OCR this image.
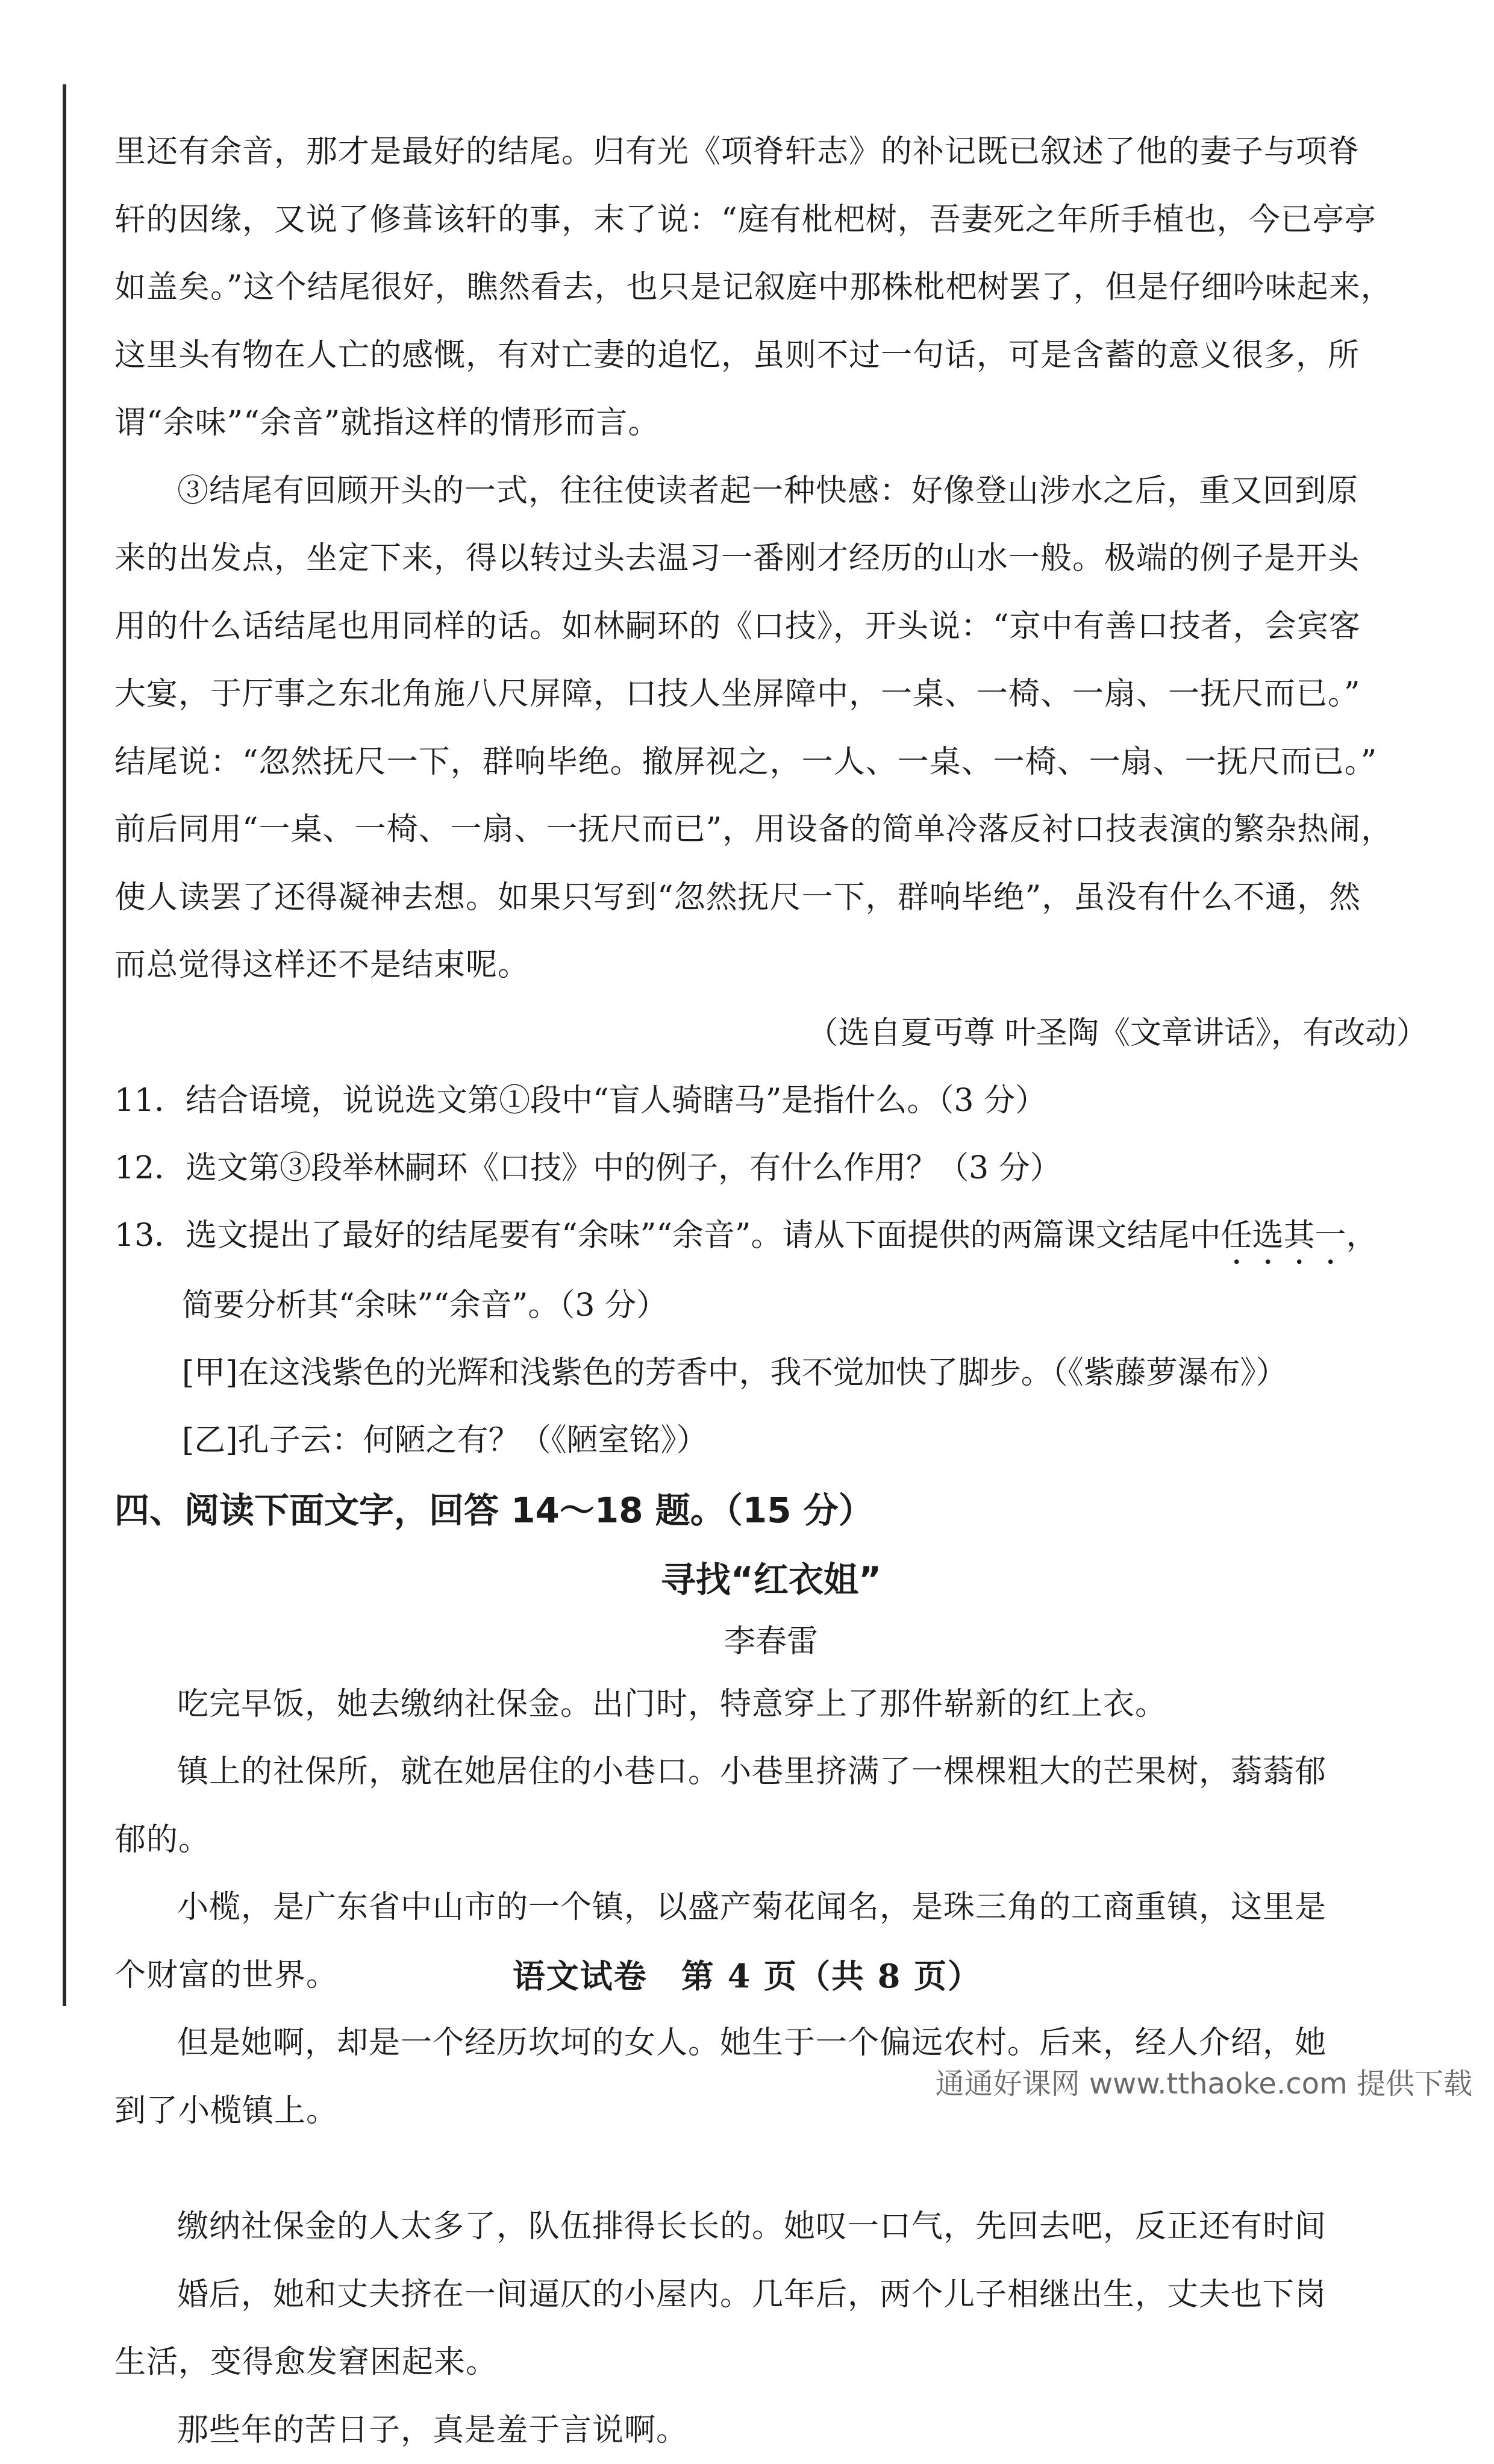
里还有余音，那才是最好的结尾。归有光《项脊轩志》的补记既已叙述了他的妻子与项脊

轩的因缘，又说了修葺该轩的事，末了说：“庭有枇杷树，吾妻死之年所手植也，今已亭亭

如盖矣。”这个结尾很好，瞧然看去，也只是记叙庭中那株枇杷树罢了，但是仔细吟味起来，

这里头有物在人亡的感慨，有对亡妻的追忆，虽则不过一句话，可是含蓄的意义很多，所

谓“余味”“余音”就指这样的情形而言。

③结尾有回顾开头的一式，往往使读者起一种快感：好像登山涉水之后，重又回到原

来的出发点，坐定下来，得以转过头去温习一番刚才经历的山水一般。极端的例子是开头

用的什么话结尾也用同样的话。如林嗣环的《口技》，开头说：“京中有善口技者，会宾客

大宴，于厅事之东北角施八尺屏障，口技人坐屏障中，一桌、一椅、一扇、一抚尺而已。”

结尾说：“忽然抚尺一下，群响毕绝。撤屏视之，一人、一桌、一椅、一扇、一抚尺而已。”

前后同用“一桌、一椅、一扇、一抚尺而已”，用设备的简单冷落反衬口技表演的繁杂热闹，

使人读罢了还得凝神去想。如果只写到“忽然抚尺一下，群响毕绝”，虽没有什么不通，然

而总觉得这样还不是结束呢。

（选自夏丏尊 叶圣陶《文章讲话》，有改动）

11．结合语境，说说选文第①段中“盲人骑瞎马”是指什么。（3 分）

12．选文第③段举林嗣环《口技》中的例子，有什么作用？（3 分）

13．选文提出了最好的结尾要有“余味”“余音”。请从下面提供的两篇课文结尾中任选其一，

简要分析其“余味”“余音”。（3 分）

[甲]在这浅紫色的光辉和浅紫色的芳香中，我不觉加快了脚步。（《紫藤萝瀑布》）

[乙]孔子云：何陋之有？（《陋室铭》）

四、阅读下面文字，回答 14～18 题。（15 分）

寻找“红衣姐”

李春雷

吃完早饭，她去缴纳社保金。出门时，特意穿上了那件崭新的红上衣。

镇上的社保所，就在她居住的小巷口。小巷里挤满了一棵棵粗大的芒果树，蓊蓊郁

郁的。

小榄，是广东省中山市的一个镇，以盛产菊花闻名，是珠三角的工商重镇，这里是

个财富的世界。

但是她啊，却是一个经历坎坷的女人。她生于一个偏远农村。后来，经人介绍，她

到了小榄镇上。

缴纳社保金的人太多了，队伍排得长长的。她叹一口气，先回去吧，反正还有时间

婚后，她和丈夫挤在一间逼仄的小屋内。几年后，两个儿子相继出生，丈夫也下岗

生活，变得愈发窘困起来。

那些年的苦日子，真是羞于言说啊。

语文试卷　第 4 页（共 8 页）
通通好课网 www.tthaoke.com 提供下载
